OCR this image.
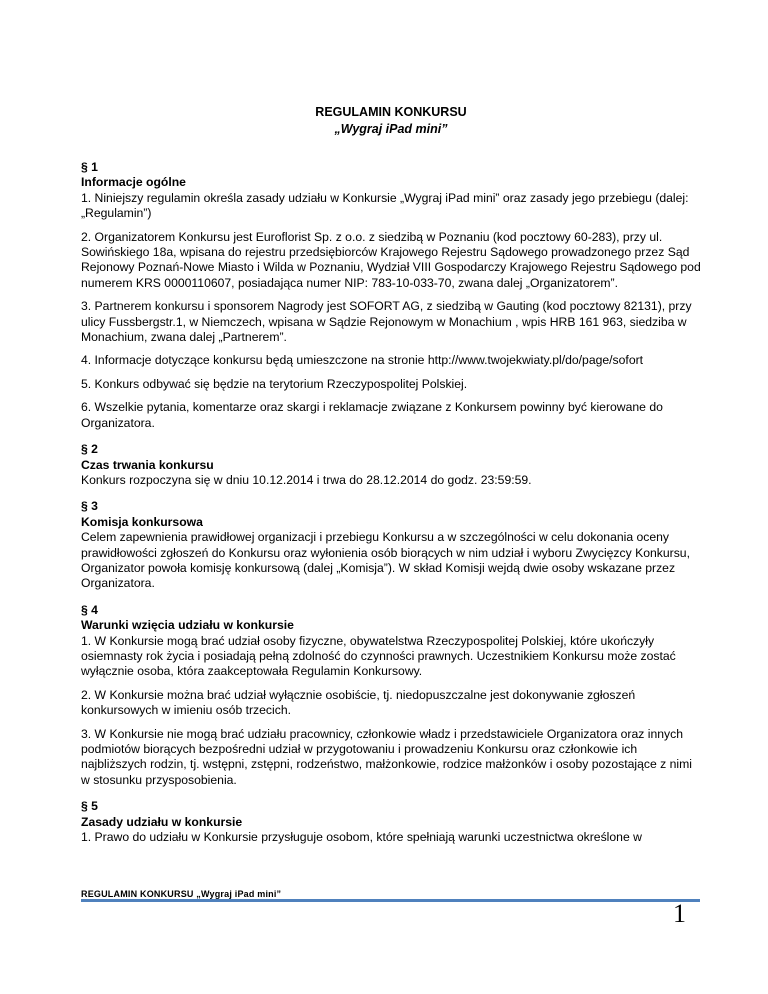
REGULAMIN KONKURSU
„Wygraj iPad mini”
§ 1
Informacje ogólne

1. Niniejszy regulamin określa zasady udziału w Konkursie „Wygraj iPad mini” oraz zasady jego przebiegu (dalej: „Regulamin”)

2. Organizatorem Konkursu jest Euroflorist Sp. z o.o. z siedzibą w Poznaniu (kod pocztowy 60-283), przy ul. Sowińskiego 18a, wpisana do rejestru przedsiębiorców Krajowego Rejestru Sądowego prowadzonego przez Sąd Rejonowy Poznań-Nowe Miasto i Wilda w Poznaniu, Wydział VIII Gospodarczy Krajowego Rejestru Sądowego pod numerem KRS 0000110607, posiadająca numer NIP: 783-10-033-70, zwana dalej „Organizatorem”.

3. Partnerem konkursu i sponsorem Nagrody jest SOFORT AG, z siedzibą w Gauting (kod pocztowy 82131), przy ulicy Fussbergstr.1, w Niemczech, wpisana w Sądzie Rejonowym w Monachium , wpis HRB 161 963, siedziba w Monachium, zwana dalej „Partnerem”.

4. Informacje dotyczące konkursu będą umieszczone na stronie http://www.twojekwiaty.pl/do/page/sofort

5. Konkurs odbywać się będzie na terytorium Rzeczypospolitej Polskiej.

6. Wszelkie pytania, komentarze oraz skargi i reklamacje związane z Konkursem powinny być kierowane do Organizatora.

§ 2
Czas trwania konkursu

Konkurs rozpoczyna się w dniu 10.12.2014 i trwa do 28.12.2014 do godz. 23:59:59.

§ 3
Komisja konkursowa

Celem zapewnienia prawidłowej organizacji i przebiegu Konkursu a w szczególności w celu dokonania oceny prawidłowości zgłoszeń do Konkursu oraz wyłonienia osób biorących w nim udział i wyboru Zwycięzcy Konkursu, Organizator powoła komisję konkursową (dalej „Komisja”). W skład Komisji wejdą dwie osoby wskazane przez Organizatora.

§ 4
Warunki wzięcia udziału w konkursie

1. W Konkursie mogą brać udział osoby fizyczne, obywatelstwa Rzeczypospolitej Polskiej, które ukończyły osiemnasty rok życia i posiadają pełną zdolność do czynności prawnych. Uczestnikiem Konkursu może zostać wyłącznie osoba, która zaakceptowała Regulamin Konkursowy.

2. W Konkursie można brać udział wyłącznie osobiście, tj. niedopuszczalne jest dokonywanie zgłoszeń konkursowych w imieniu osób trzecich.

3. W Konkursie nie mogą brać udziału pracownicy, członkowie władz i przedstawiciele Organizatora oraz innych podmiotów biorących bezpośredni udział w przygotowaniu i prowadzeniu Konkursu oraz członkowie ich najbliższych rodzin, tj. wstępni, zstępni, rodzeństwo, małżonkowie, rodzice małżonków i osoby pozostające z nimi w stosunku przysposobienia.

§ 5
Zasady udziału w konkursie

1. Prawo do udziału w Konkursie przysługuje osobom, które spełniają warunki uczestnictwa określone w

REGULAMIN KONKURSU „Wygraj iPad mini”
1
